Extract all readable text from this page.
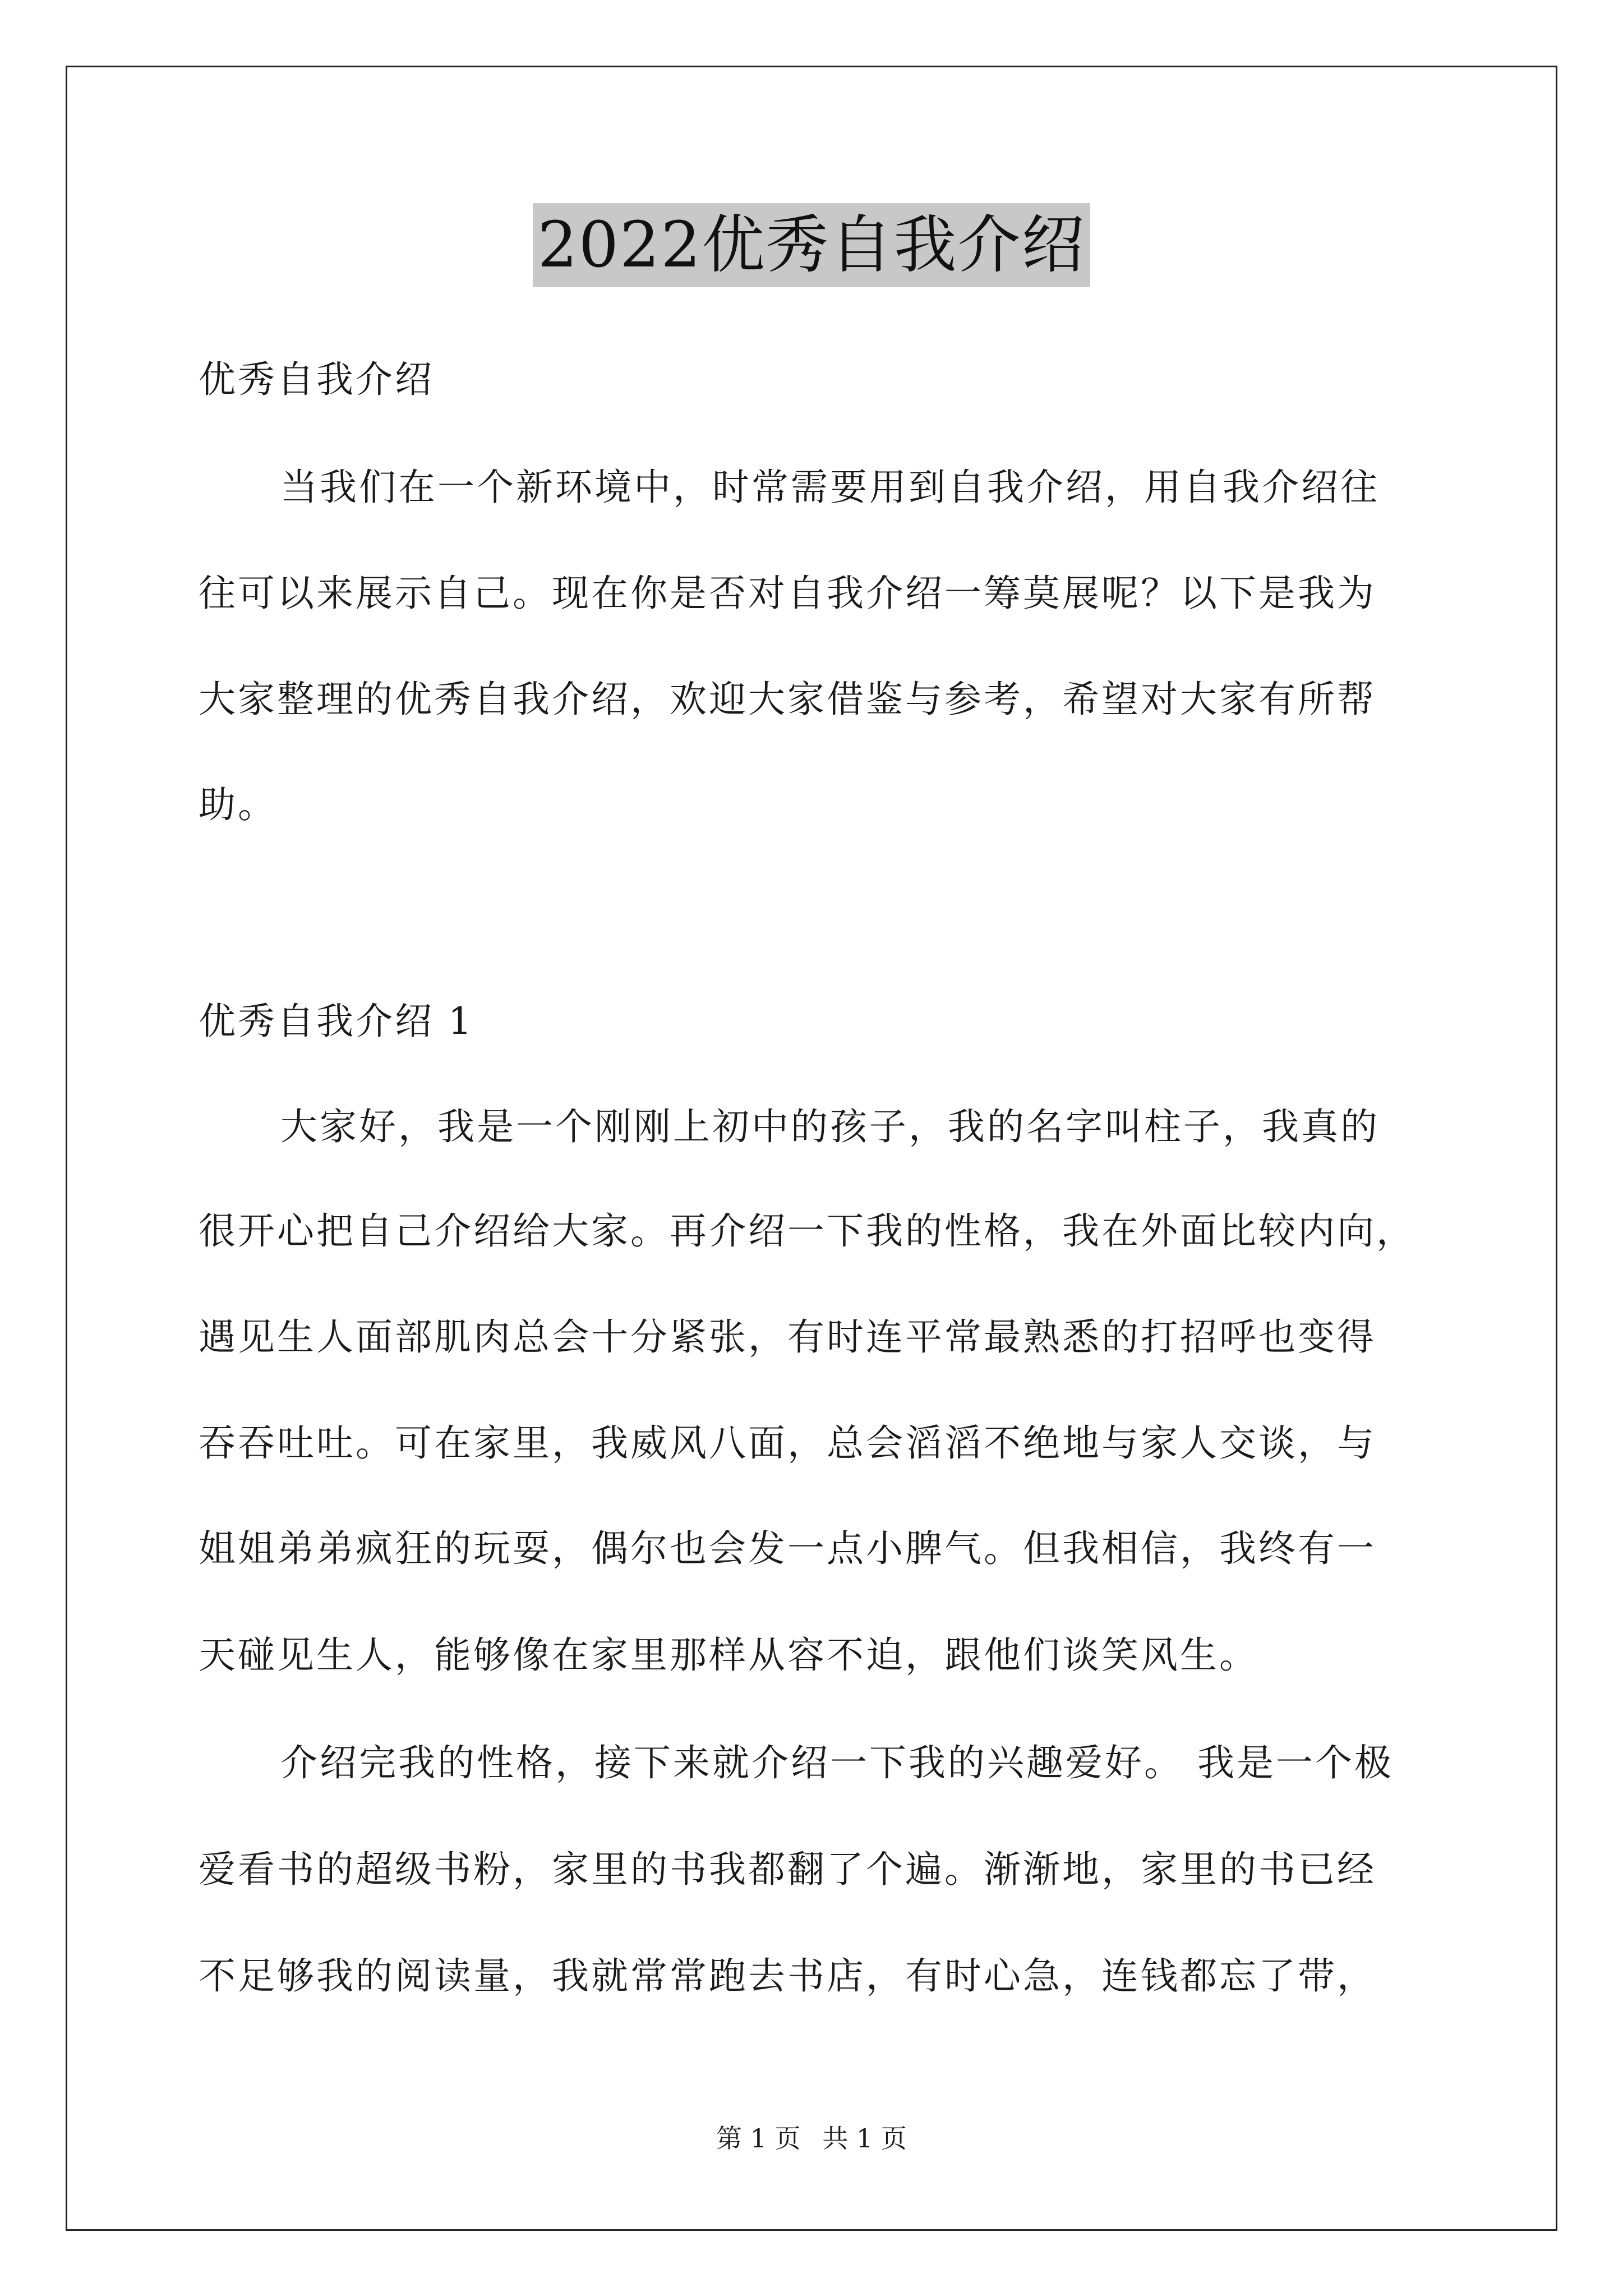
2022优秀自我介绍
优秀自我介绍
当我们在一个新环境中，时常需要用到自我介绍，用自我介绍往
往可以来展示自己。现在你是否对自我介绍一筹莫展呢？以下是我为
大家整理的优秀自我介绍，欢迎大家借鉴与参考，希望对大家有所帮
助。
优秀自我介绍 1
大家好，我是一个刚刚上初中的孩子，我的名字叫柱子，我真的
很开心把自己介绍给大家。再介绍一下我的性格，我在外面比较内向，
遇见生人面部肌肉总会十分紧张，有时连平常最熟悉的打招呼也变得
吞吞吐吐。可在家里，我威风八面，总会滔滔不绝地与家人交谈，与
姐姐弟弟疯狂的玩耍，偶尔也会发一点小脾气。但我相信，我终有一
天碰见生人，能够像在家里那样从容不迫，跟他们谈笑风生。
介绍完我的性格，接下来就介绍一下我的兴趣爱好。 我是一个极
爱看书的超级书粉，家里的书我都翻了个遍。渐渐地，家里的书已经
不足够我的阅读量，我就常常跑去书店，有时心急，连钱都忘了带，
第 1 页 共 1 页
